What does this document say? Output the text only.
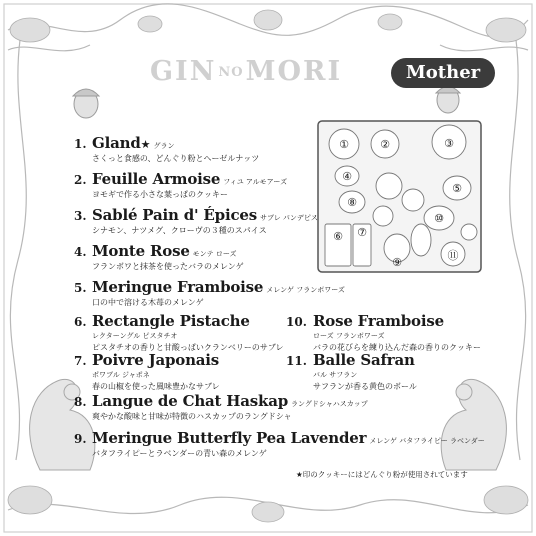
GIN NOMORI	Mother
①	②	③
④
⑤
⑥ ⑦
⑧
⑨
⑩
⑪
1. Gland★ グラン
さくっと食感の、どんぐり粉とヘーゼルナッツ
2. Feuille Armoise フィユ アルモアーズ
ヨモギで作る小さな葉っぱのクッキー
3. Sablé Pain d' Épices サブレ パンデピス
シナモン、ナツメグ、クローヴの３種のスパイス
4. Monte Rose モンテ ローズ
フランボワと抹茶を使ったバラのメレンゲ
5. Meringue Framboise メレンゲ フランボワーズ
口の中で溶ける木苺のメレンゲ
6. Rectangle Pistache
レクターングル ピスタチオ
ピスタチオの香りと甘酸っぱいクランベリーのサブレ
7. Poivre Japonais
ポワブル ジャポネ
春の山椒を使った風味豊かなサブレ
8. Langue de Chat Haskap ラングドシャハスカップ
爽やかな酸味と甘味が特徴のハスカップのラングドシャ
9. Meringue Butterfly Pea Lavender メレンゲ バタフライピー ラベンダー
バタフライピーとラベンダーの青い森のメレンゲ
10. Rose Framboise
ローズ フランボワーズ
バラの花びらを練り込んだ森の香りのクッキー
11. Balle Safran
バル サフラン
サフランが香る黄色のボール
★印のクッキーにはどんぐり粉が使用されています
